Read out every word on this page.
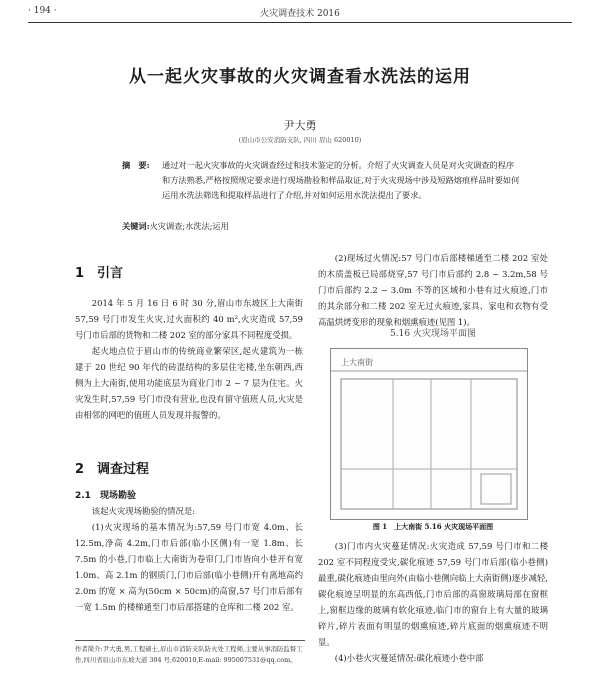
· 194 ·	火灾调查技术 2016
从一起火灾事故的火灾调查看水洗法的运用
尹大勇
(眉山市公安消防支队, 四川 眉山 620010)
摘　要:	通过对一起火灾事故的火灾调查经过和技术鉴定的分析。介绍了火灾调查人员是对火灾调查的程序和方法熟悉,严格按照规定要求进行现场勘验和样品取证,对于火灾现场中涉及短路熔痕样品时要如何运用水洗法筛选和提取样品进行了介绍,并对如何运用水洗法提出了要求。
关键词:火灾调查;水洗法;运用
1　引言

2014 年 5 月 16 日 6 时 30 分,眉山市东坡区上大南街 57,59 号门市发生火灾,过火面积约 40 m²,火灾造成 57,59 号门市后部的货物和二楼 202 室的部分家具不同程度受损。

起火地点位于眉山市的传统商业繁荣区,起火建筑为一栋建于 20 世纪 90 年代的砖混结构的多层住宅楼,坐东朝西,西侧为上大南街,使用功能底层为商业门市 2 ~ 7 层为住宅。火灾发生时,57,59 号门市没有营业,也没有留守值班人员,火灾是由相邻的网吧的值班人员发现并报警的。

2　调查过程
2.1　现场勘验

该起火灾现场勘验的情况是:

(1)火灾现场的基本情况为:57,59 号门市宽 4.0m、长 12.5m,净高 4.2m,门市后部(临小区侧)有一宽 1.8m、长 7.5m 的小巷,门市临上大南街为卷帘门,门市皆向小巷开有宽 1.0m、高 2.1m 的钢质门,门市后部(临小巷侧)开有离地高约 2.0m 的宽 × 高为(50cm × 50cm)的高窗,57 号门市后部有一宽 1.5m 的楼梯通至门市后部搭建的仓库和二楼 202 室。

作者简介:尹大勇,男,工程硕士,眉山市消防支队防火处工程师,主要从事消防监督工作,四川省眉山市东坡大道 304 号,620010,E-mail: 995007531@qq.com。

(2)现场过火情况:57 号门市后部楼梯通至二楼 202 室处的木质盖板已局部烧穿,57 号门市后部约 2.8 ~ 3.2m,58 号门市后部约 2.2 ~ 3.0m 不等的区域和小巷有过火痕迹,门市的其余部分和二楼 202 室无过火痕迹,家具、家电和衣物有受高温烘烤变形的现象和烟熏痕迹(见图 1)。

5.16 火灾现场平面图
上大南街
图 1　上大南街 5.16 火灾现场平面图

(3)门市内火灾蔓延情况:火灾造成 57,59 号门市和二楼 202 室不同程度受灾,碳化痕迹 57,59 号门市后部(临小巷侧)最重,碳化痕迹由里向外(由临小巷侧向临上大南街侧)逐步减轻,碳化痕迹呈明显的东高西低,门市后部的高窗玻璃局部在窗框上,窗框边缘的玻璃有软化痕迹,临门市的窗台上有大量的玻璃碎片,碎片表面有明显的烟熏痕迹,碎片底面的烟熏痕迹不明显。

(4)小巷火灾蔓延情况:碳化痕迹小巷中部
